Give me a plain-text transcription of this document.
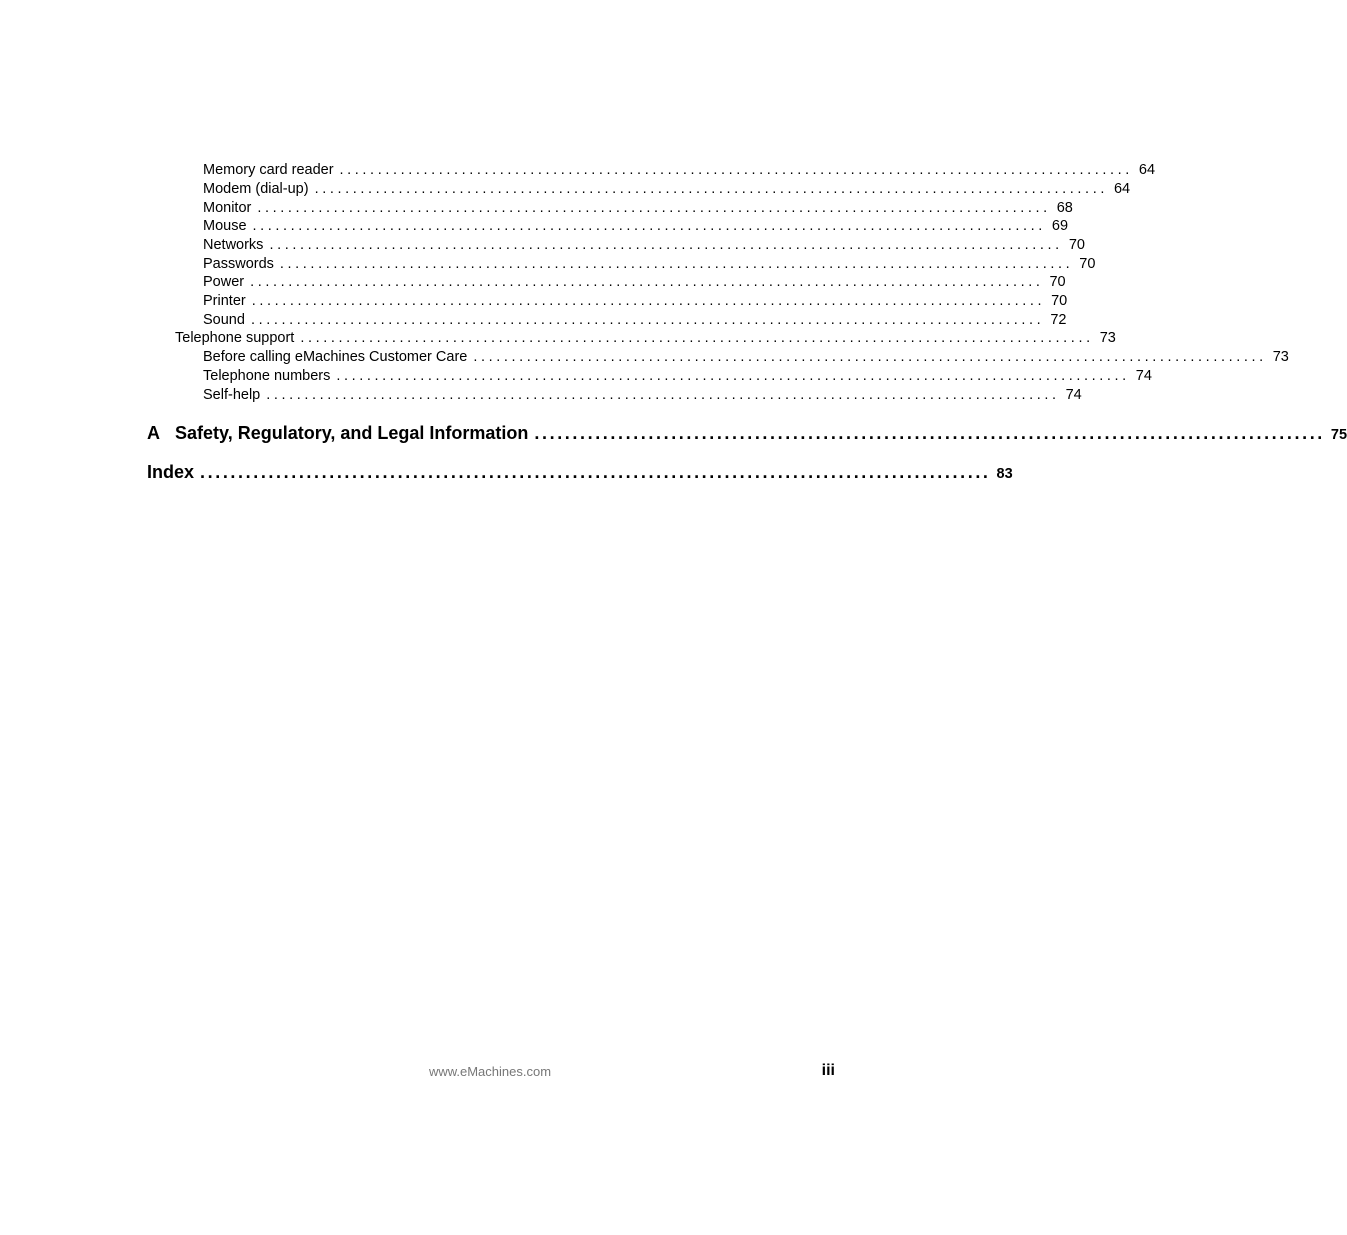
Memory card reader ........................................................................................................ 64
Modem (dial-up) ........................................................................................................ 64
Monitor ........................................................................................................ 68
Mouse ........................................................................................................ 69
Networks ........................................................................................................ 70
Passwords ........................................................................................................ 70
Power ........................................................................................................ 70
Printer ........................................................................................................ 70
Sound ........................................................................................................ 72
Telephone support ........................................................................................................ 73
Before calling eMachines Customer Care ........................................................................................................ 73
Telephone numbers ........................................................................................................ 74
Self-help ........................................................................................................ 74
A Safety, Regulatory, and Legal Information ........................................................................................................ 75
Index ........................................................................................................ 83
www.eMachines.com	iii
